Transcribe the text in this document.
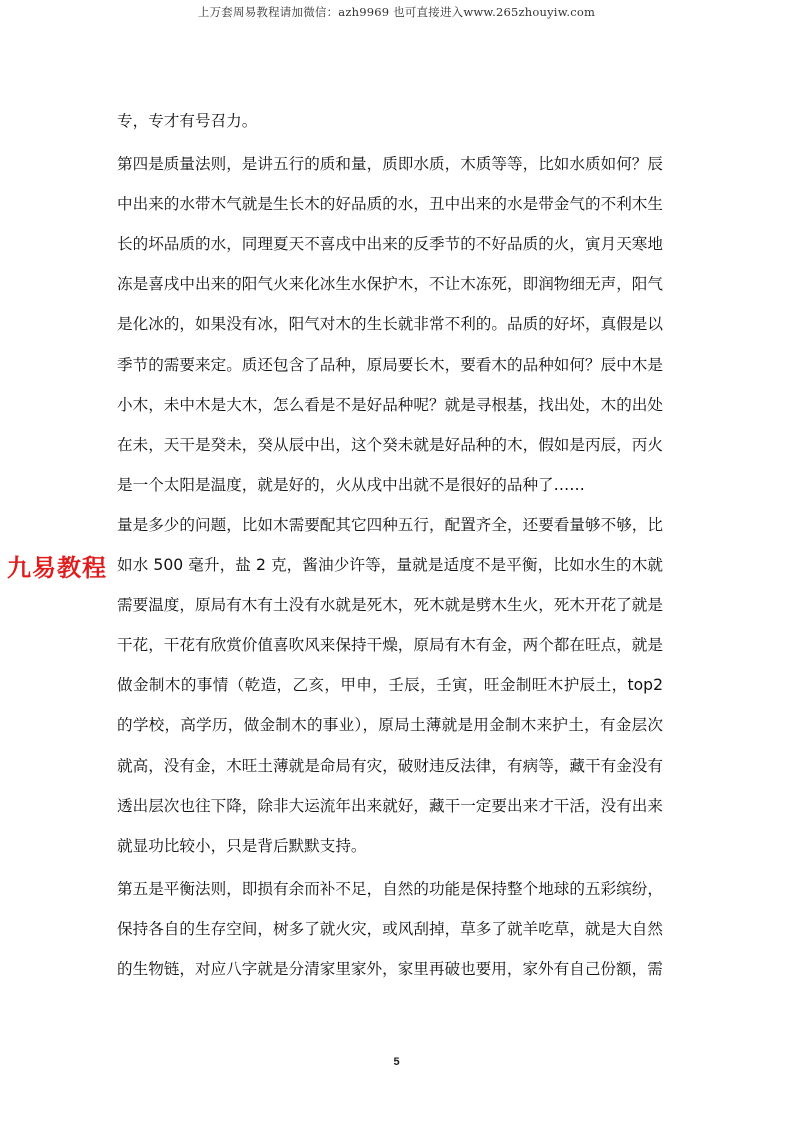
上万套周易教程请加微信：azh9969 也可直接进入www.265zhouyiw.com

专，专才有号召力。

第四是质量法则，是讲五行的质和量，质即水质，木质等等，比如水质如何？辰中出来的水带木气就是生长木的好品质的水，丑中出来的水是带金气的不利木生长的坏品质的水，同理夏天不喜戌中出来的反季节的不好品质的火，寅月天寒地冻是喜戌中出来的阳气火来化冰生水保护木，不让木冻死，即润物细无声，阳气是化冰的，如果没有冰，阳气对木的生长就非常不利的。品质的好坏，真假是以季节的需要来定。质还包含了品种，原局要长木，要看木的品种如何？辰中木是小木，未中木是大木，怎么看是不是好品种呢？就是寻根基，找出处，木的出处在未，天干是癸未，癸从辰中出，这个癸未就是好品种的木，假如是丙辰，丙火是一个太阳是温度，就是好的，火从戌中出就不是很好的品种了……

量是多少的问题，比如木需要配其它四种五行，配置齐全，还要看量够不够，比如水 500 毫升，盐 2 克，酱油少许等，量就是适度不是平衡，比如水生的木就需要温度，原局有木有土没有水就是死木，死木就是劈木生火，死木开花了就是干花，干花有欣赏价值喜吹风来保持干燥，原局有木有金，两个都在旺点，就是做金制木的事情（乾造，乙亥，甲申，壬辰，壬寅，旺金制旺木护辰土，top2 的学校，高学历，做金制木的事业），原局土薄就是用金制木来护土，有金层次就高，没有金，木旺土薄就是命局有灾，破财违反法律，有病等，藏干有金没有透出层次也往下降，除非大运流年出来就好，藏干一定要出来才干活，没有出来就显功比较小，只是背后默默支持。

第五是平衡法则，即损有余而补不足，自然的功能是保持整个地球的五彩缤纷，保持各自的生存空间，树多了就火灾，或风刮掉，草多了就羊吃草，就是大自然的生物链，对应八字就是分清家里家外，家里再破也要用，家外有自己份额，需

九易教程
5
